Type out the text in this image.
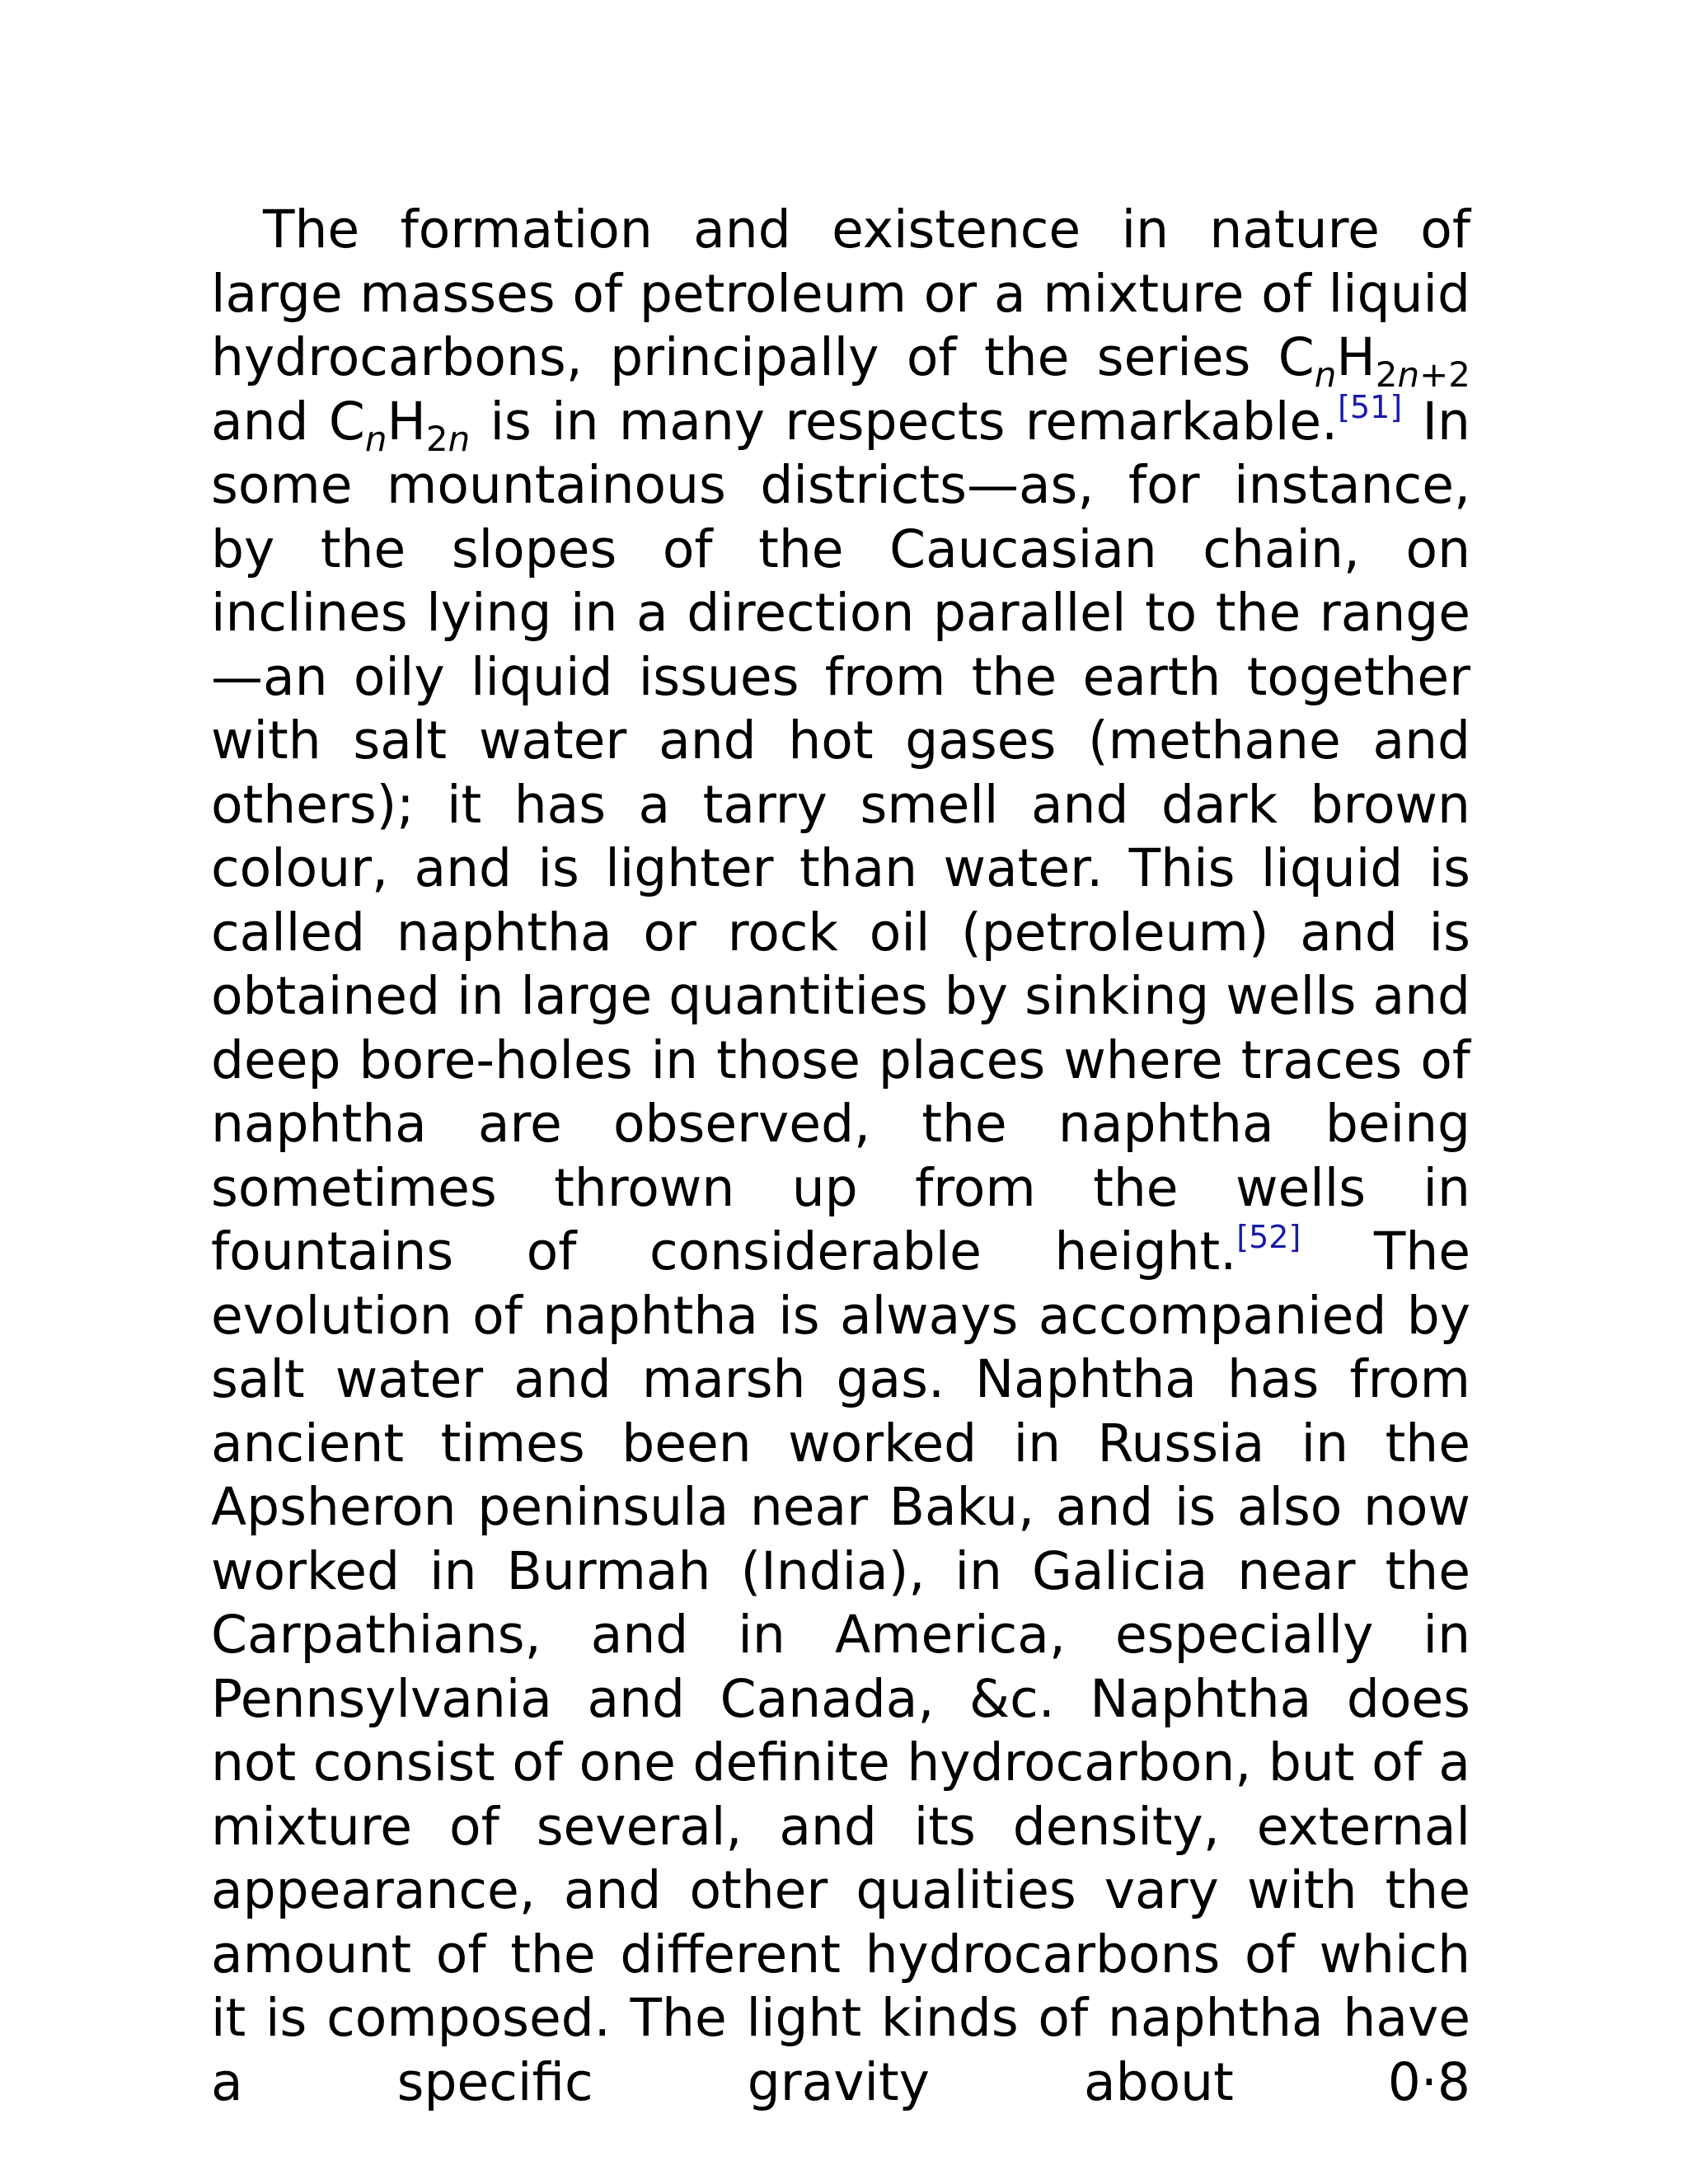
The formation and existence in nature of large masses of petroleum or a mixture of liquid hydrocarbons, principally of the series $C_nH_{2n+2}$ and $C_nH_{2n}$ is in many respects remarkable.[51] In some mountainous districts—as, for instance, by the slopes of the Caucasian chain, on inclines lying in a direction parallel to the range—an oily liquid issues from the earth together with salt water and hot gases (methane and others); it has a tarry smell and dark brown colour, and is lighter than water. This liquid is called naphtha or rock oil (petroleum) and is obtained in large quantities by sinking wells and deep bore-holes in those places where traces of naphtha are observed, the naphtha being sometimes thrown up from the wells in fountains of considerable height.[52] The evolution of naphtha is always accompanied by salt water and marsh gas. Naphtha has from ancient times been worked in Russia in the Apsheron peninsula near Baku, and is also now worked in Burmah (India), in Galicia near the Carpathians, and in America, especially in Pennsylvania and Canada, &c. Naphtha does not consist of one definite hydrocarbon, but of a mixture of several, and its density, external appearance, and other qualities vary with the amount of the different hydrocarbons of which it is composed. The light kinds of naphtha have a specific gravity about 0·8
